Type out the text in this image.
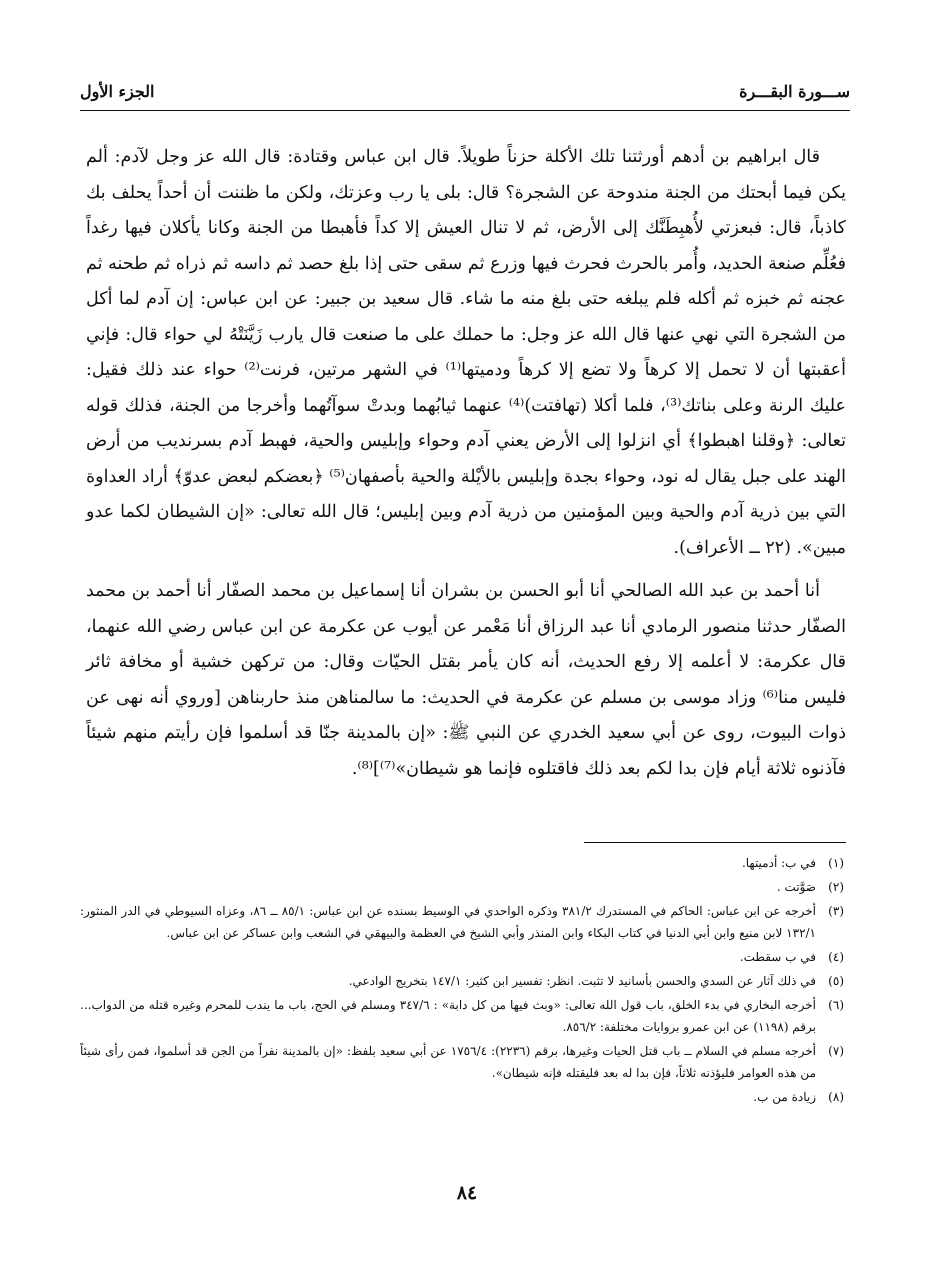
ســـورة البقـــرة
الجزء الأول

قال ابراهيم بن أدهم أورثتنا تلك الأكلة حزناً طويلاً. قال ابن عباس وقتادة: قال الله عز وجل لآدم: ألم يكن فيما أبحتك من الجنة مندوحة عن الشجرة؟ قال: بلى يا رب وعزتك، ولكن ما ظننت أن أحداً يحلف بك كاذباً، قال: فبعزتي لأُهبِطَنَّك إلى الأرض، ثم لا تنال العيش إلا كداً فأهبطا من الجنة وكانا يأكلان فيها رغداً فعُلِّم صنعة الحديد، وأُمر بالحرث فحرث فيها وزرع ثم سقى حتى إذا بلغ حصد ثم داسه ثم ذراه ثم طحنه ثم عجنه ثم خبزه ثم أكله فلم يبلغه حتى بلغ منه ما شاء. قال سعيد بن جبير: عن ابن عباس: إن آدم لما أكل من الشجرة التي نهي عنها قال الله عز وجل: ما حملك على ما صنعت قال يارب زَيَّنَتْهُ لي حواء قال: فإني أعقبتها أن لا تحمل إلا كرهاً ولا تضع إلا كرهاً ودميتها⁽¹⁾ في الشهر مرتين، فرنت⁽²⁾ حواء عند ذلك فقيل: عليك الرنة وعلى بناتك⁽³⁾، فلما أكلا (تهافتت)⁽⁴⁾ عنهما ثيابُهما وبدتْ سوآتُهما وأخرجا من الجنة، فذلك قوله تعالى: ﴿وقلنا اهبطوا﴾ أي انزلوا إلى الأرض يعني آدم وحواء وإبليس والحية، فهبط آدم بسرنديب من أرض الهند على جبل يقال له نود، وحواء بجدة وإبليس بالأيْلة والحية بأصفهان⁽⁵⁾ ﴿بعضكم لبعض عدوّ﴾ أراد العداوة التي بين ذرية آدم والحية وبين المؤمنين من ذرية آدم وبين إبليس؛ قال الله تعالى: «إن الشيطان لكما عدو مبين». (٢٢ ــ الأعراف).

أنا أحمد بن عبد الله الصالحي أنا أبو الحسن بن بشران أنا إسماعيل بن محمد الصفّار أنا أحمد بن محمد الصفّار حدثنا منصور الرمادي أنا عبد الرزاق أنا مَعْمر عن أيوب عن عكرمة عن ابن عباس رضي الله عنهما، قال عكرمة: لا أعلمه إلا رفع الحديث، أنه كان يأمر بقتل الحيّات وقال: من تركهن خشية أو مخافة ثائر فليس منا⁽⁶⁾ وزاد موسى بن مسلم عن عكرمة في الحديث: ما سالمناهن منذ حاربناهن [وروي أنه نهى عن ذوات البيوت، روى عن أبي سعيد الخدري عن النبي ﷺ: «إن بالمدينة جنّا قد أسلموا فإن رأيتم منهم شيئاً فآذنوه ثلاثة أيام فإن بدا لكم بعد ذلك فاقتلوه فإنما هو شيطان»⁽⁷⁾]⁽⁸⁾.

(١)
في ب: أدميتها.
(٢)
صَوَّتت .
(٣)
أخرجه عن ابن عباس: الحاكم في المستدرك ٣٨١/٢ وذكره الواحدي في الوسيط بسنده عن ابن عباس: ٨٥/١ ــ ٨٦، وعزاه السيوطي في الدر المنثور: ١٣٢/١ لابن منيع وابن أبي الدنيا في كتاب البكاء وابن المنذر وأبي الشيخ في العظمة والبيهقي في الشعب وابن عساكر عن ابن عباس.
(٤)
في ب سقطت.
(٥)
في ذلك آثار عن السدي والحسن بأسانيد لا تثبت. انظر: تفسير ابن كثير: ١٤٧/١ بتخريج الوادعي.
(٦)
أخرجه البخاري في بدء الخلق، باب قول الله تعالى: «وبث فيها من كل دابة» : ٣٤٧/٦ ومسلم في الحج، باب ما يندب للمحرم وغيره قتله من الدواب... برقم (١١٩٨) عن ابن عمرو بروايات مختلفة: ٨٥٦/٢.
(٧)
أخرجه مسلم في السلام ــ باب قتل الحيات وغيرها، برقم (٢٢٣٦): ١٧٥٦/٤ عن أبي سعيد بلفظ: «إن بالمدينة نفراً من الجن قد أسلموا، فمن رأى شيئاً من هذه العوامر فليؤذنه ثلاثاً، فإن بدا له بعد فليقتله فإنه شيطان».
(٨)
زيادة من ب.
٨٤
